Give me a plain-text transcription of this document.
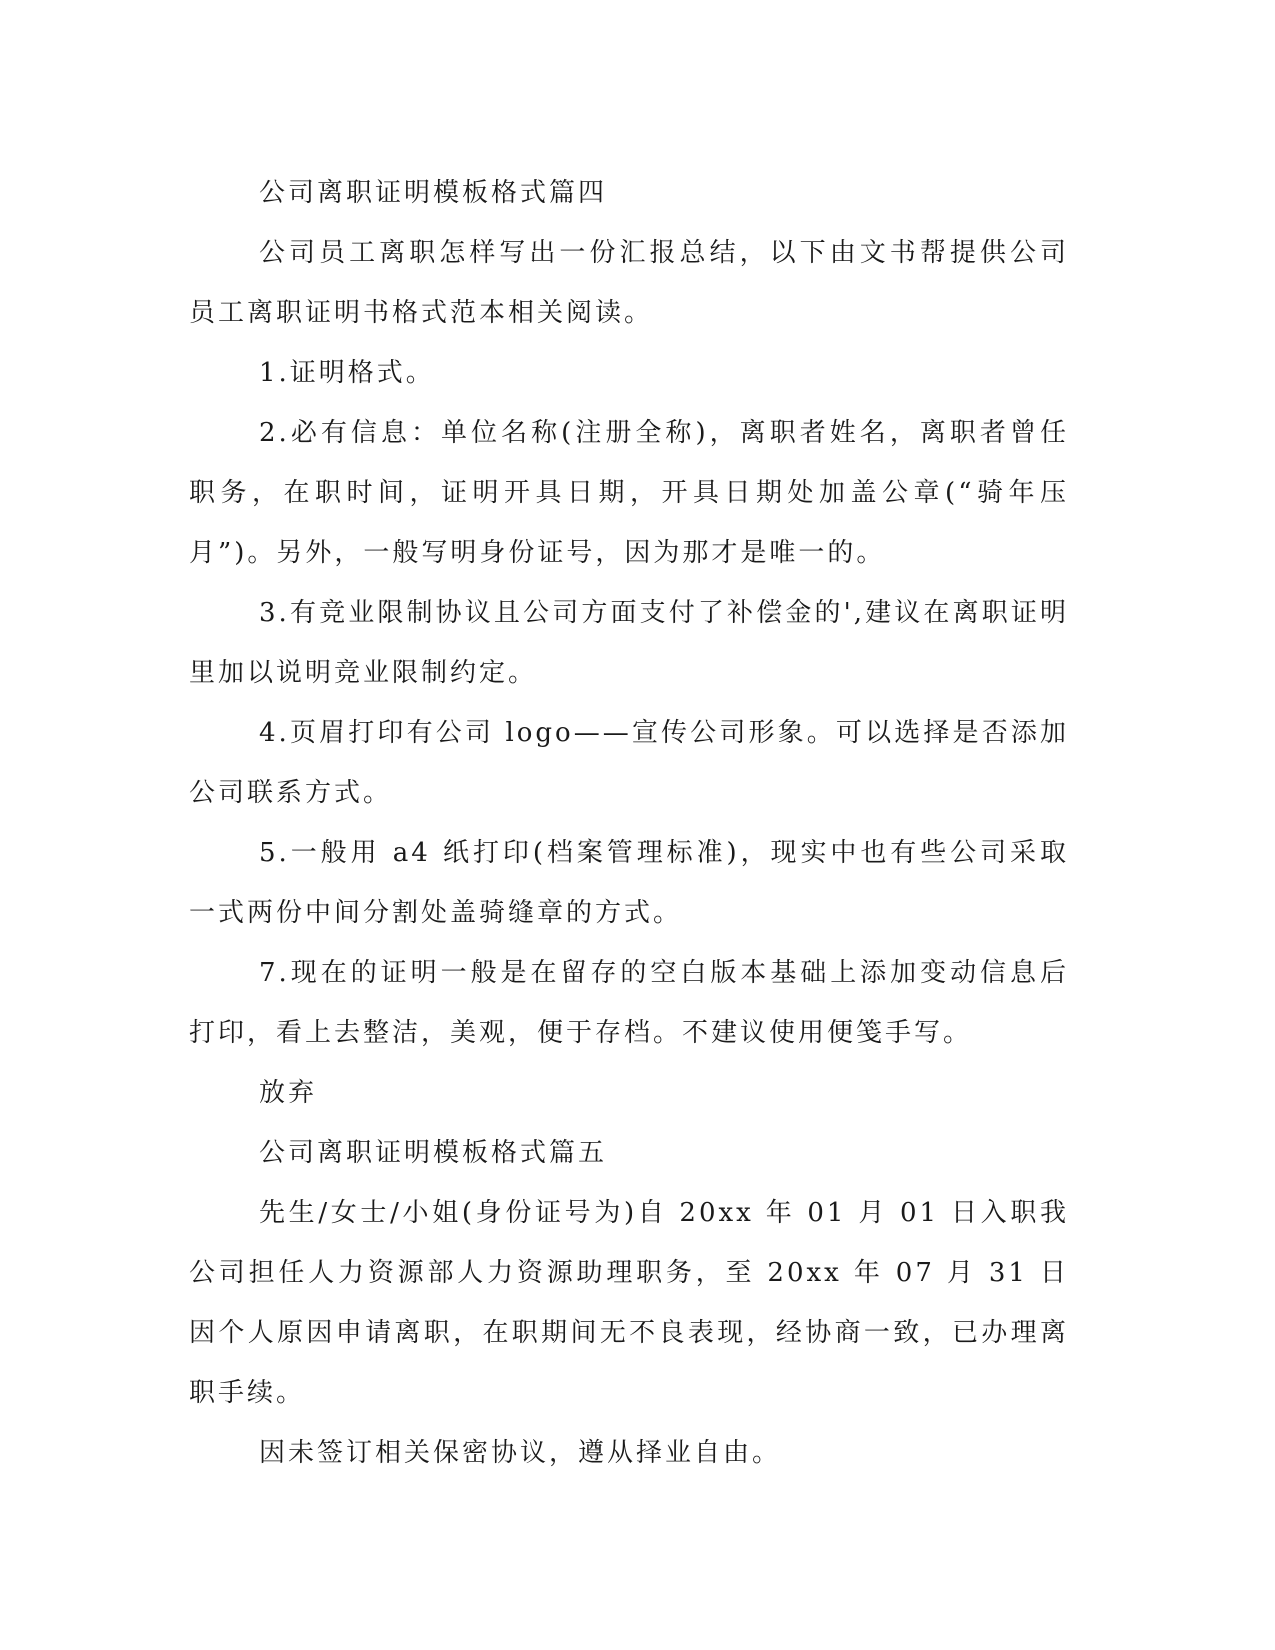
公司离职证明模板格式篇四

公司员工离职怎样写出一份汇报总结，以下由文书帮提供公司员工离职证明书格式范本相关阅读。

1.证明格式。

2.必有信息：单位名称(注册全称)，离职者姓名，离职者曾任职务，在职时间，证明开具日期，开具日期处加盖公章(“骑年压月”)。另外，一般写明身份证号，因为那才是唯一的。

3.有竞业限制协议且公司方面支付了补偿金的',建议在离职证明里加以说明竞业限制约定。

4.页眉打印有公司 logo——宣传公司形象。可以选择是否添加公司联系方式。

5.一般用 a4 纸打印(档案管理标准)，现实中也有些公司采取一式两份中间分割处盖骑缝章的方式。

7.现在的证明一般是在留存的空白版本基础上添加变动信息后打印，看上去整洁，美观，便于存档。不建议使用便笺手写。

放弃

公司离职证明模板格式篇五

先生/女士/小姐(身份证号为)自 20xx 年 01 月 01 日入职我公司担任人力资源部人力资源助理职务，至 20xx 年 07 月 31 日因个人原因申请离职，在职期间无不良表现，经协商一致，已办理离职手续。

因未签订相关保密协议，遵从择业自由。
